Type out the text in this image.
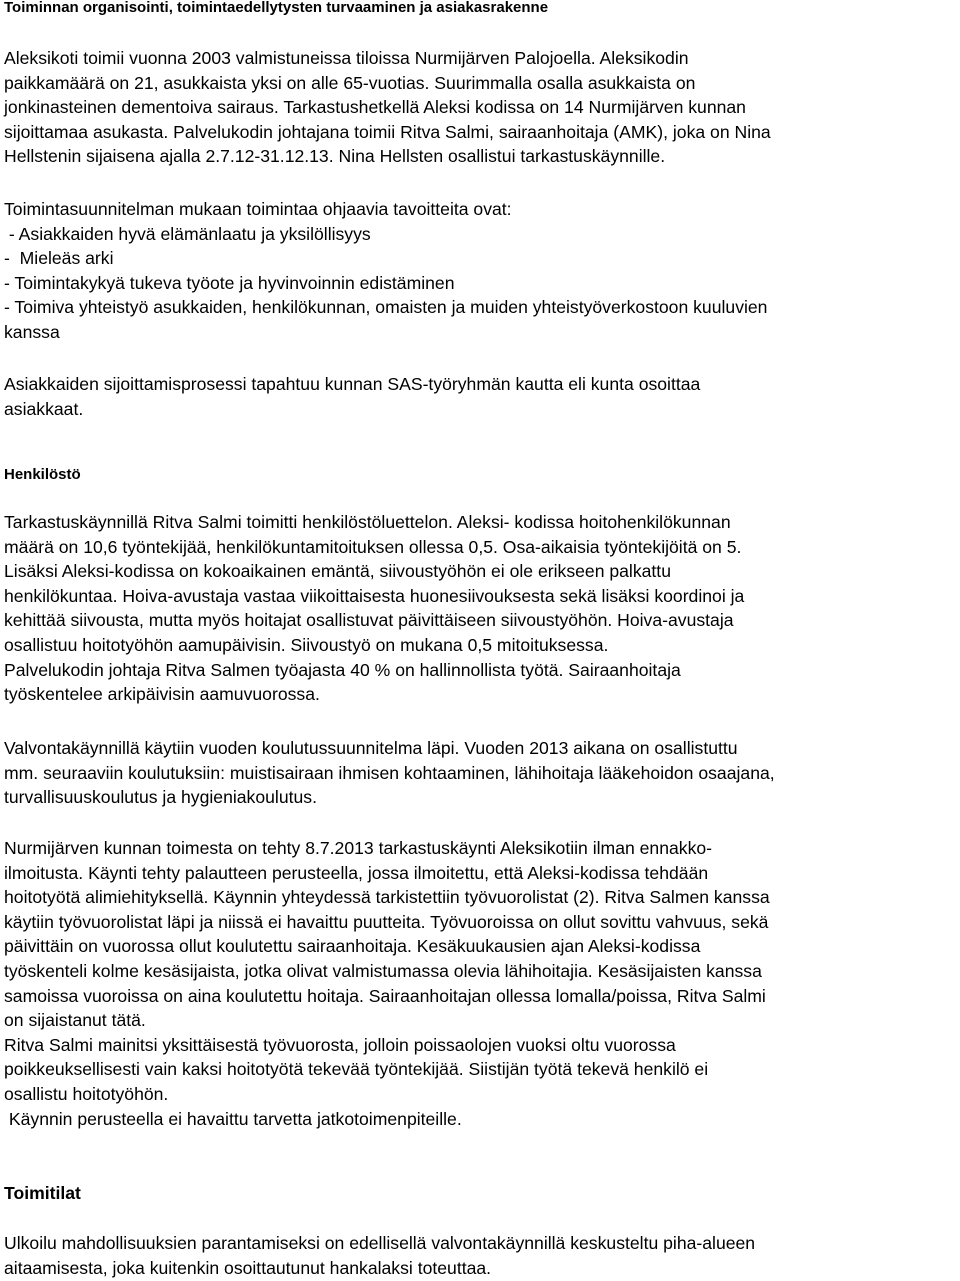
Toiminnan organisointi, toimintaedellytysten turvaaminen ja asiakasrakenne
Aleksikoti toimii vuonna 2003 valmistuneissa tiloissa Nurmijärven Palojoella. Aleksikodin
paikkamäärä on 21, asukkaista yksi on alle 65-vuotias. Suurimmalla osalla asukkaista on
jonkinasteinen dementoiva sairaus. Tarkastushetkellä Aleksi kodissa on 14 Nurmijärven kunnan
sijoittamaa asukasta. Palvelukodin johtajana toimii Ritva Salmi, sairaanhoitaja (AMK), joka on Nina
Hellstenin sijaisena ajalla 2.7.12-31.12.13. Nina Hellsten osallistui tarkastuskäynnille.
Toimintasuunnitelman mukaan toimintaa ohjaavia tavoitteita ovat:
- Asiakkaiden hyvä elämänlaatu ja yksilöllisyys
-  Mieleäs arki
- Toimintakykyä tukeva työote ja hyvinvoinnin edistäminen
- Toimiva yhteistyö asukkaiden, henkilökunnan, omaisten ja muiden yhteistyöverkostoon kuuluvien
kanssa
Asiakkaiden sijoittamisprosessi tapahtuu kunnan SAS-työryhmän kautta eli kunta osoittaa
asiakkaat.
Henkilöstö
Tarkastuskäynnillä Ritva Salmi toimitti henkilöstöluettelon. Aleksi- kodissa hoitohenkilökunnan
määrä on 10,6 työntekijää, henkilökuntamitoituksen ollessa 0,5. Osa-aikaisia työntekijöitä on 5.
Lisäksi Aleksi-kodissa on kokoaikainen emäntä, siivoustyöhön ei ole erikseen palkattu
henkilökuntaa. Hoiva-avustaja vastaa viikoittaisesta huonesiivouksesta sekä lisäksi koordinoi ja
kehittää siivousta, mutta myös hoitajat osallistuvat päivittäiseen siivoustyöhön. Hoiva-avustaja
osallistuu hoitotyöhön aamupäivisin. Siivoustyö on mukana 0,5 mitoituksessa.
Palvelukodin johtaja Ritva Salmen työajasta 40 % on hallinnollista työtä. Sairaanhoitaja
työskentelee arkipäivisin aamuvuorossa.
Valvontakäynnillä käytiin vuoden koulutussuunnitelma läpi. Vuoden 2013 aikana on osallistuttu
mm. seuraaviin koulutuksiin: muistisairaan ihmisen kohtaaminen, lähihoitaja lääkehoidon osaajana,
turvallisuuskoulutus ja hygieniakoulutus.
Nurmijärven kunnan toimesta on tehty 8.7.2013 tarkastuskäynti Aleksikotiin ilman ennakko-
ilmoitusta. Käynti tehty palautteen perusteella, jossa ilmoitettu, että Aleksi-kodissa tehdään
hoitotyötä alimiehityksellä. Käynnin yhteydessä tarkistettiin työvuorolistat (2). Ritva Salmen kanssa
käytiin työvuorolistat läpi ja niissä ei havaittu puutteita. Työvuoroissa on ollut sovittu vahvuus, sekä
päivittäin on vuorossa ollut koulutettu sairaanhoitaja. Kesäkuukausien ajan Aleksi-kodissa
työskenteli kolme kesäsijaista, jotka olivat valmistumassa olevia lähihoitajia. Kesäsijaisten kanssa
samoissa vuoroissa on aina koulutettu hoitaja. Sairaanhoitajan ollessa lomalla/poissa, Ritva Salmi
on sijaistanut tätä.
Ritva Salmi mainitsi yksittäisestä työvuorosta, jolloin poissaolojen vuoksi oltu vuorossa
poikkeuksellisesti vain kaksi hoitotyötä tekevää työntekijää. Siistijän työtä tekevä henkilö ei
osallistu hoitotyöhön.
Käynnin perusteella ei havaittu tarvetta jatkotoimenpiteille.
Toimitilat
Ulkoilu mahdollisuuksien parantamiseksi on edellisellä valvontakäynnillä keskusteltu piha-alueen
aitaamisesta, joka kuitenkin osoittautunut hankalaksi toteuttaa.
